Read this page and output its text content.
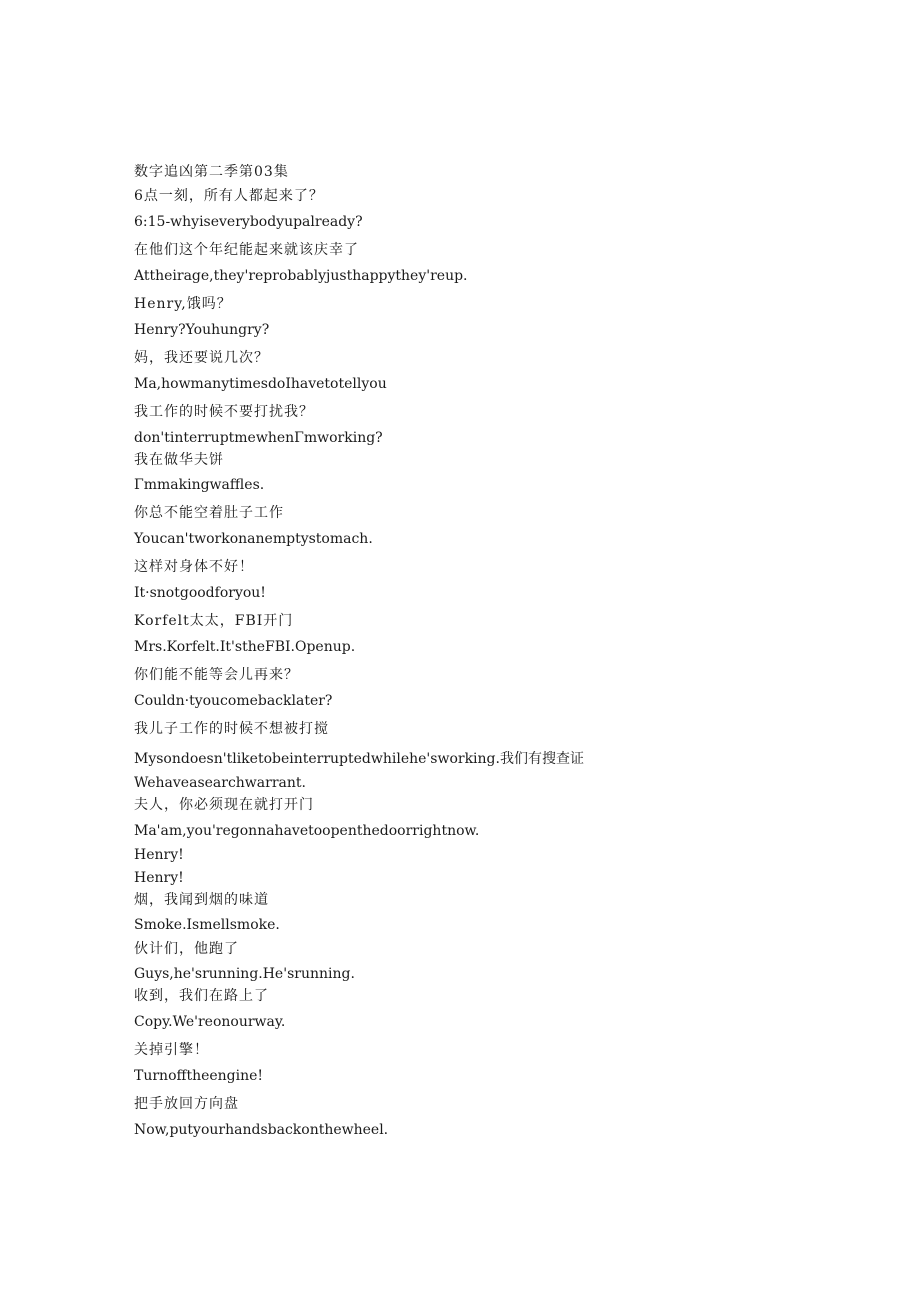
数字追凶第二季第03集

6点一刻，所有人都起来了？

6:15-whyiseverybodyupalready?

在他们这个年纪能起来就该庆幸了

Attheirage,they'reprobablyjusthappythey'reup.

Henry,饿吗？

Henry?Youhungry?

妈，我还要说几次？

Ma,howmanytimesdoIhavetotellyou

我工作的时候不要打扰我？

don'tinterruptmewhenΓmworking?

我在做华夫饼

Γmmakingwaffles.

你总不能空着肚子工作

Youcan'tworkonanemptystomach.

这样对身体不好！

It·snotgoodforyou!

Korfelt太太，FBI开门

Mrs.Korfelt.It'stheFBI.Openup.

你们能不能等会儿再来？

Couldn·tyoucomebacklater?

我儿子工作的时候不想被打搅

Mysondoesn'tliketobeinterruptedwhilehe'sworking.我们有搜查证

Wehaveasearchwarrant.

夫人，你必须现在就打开门

Ma'am,you'regonnahavetoopenthedoorrightnow.

Henry!

Henry!

烟，我闻到烟的味道

Smoke.Ismellsmoke.

伙计们，他跑了

Guys,he'srunning.He'srunning.

收到，我们在路上了

Copy.We'reonourway.

关掉引擎！

Turnofftheengine!

把手放回方向盘

Now,putyourhandsbackonthewheel.
